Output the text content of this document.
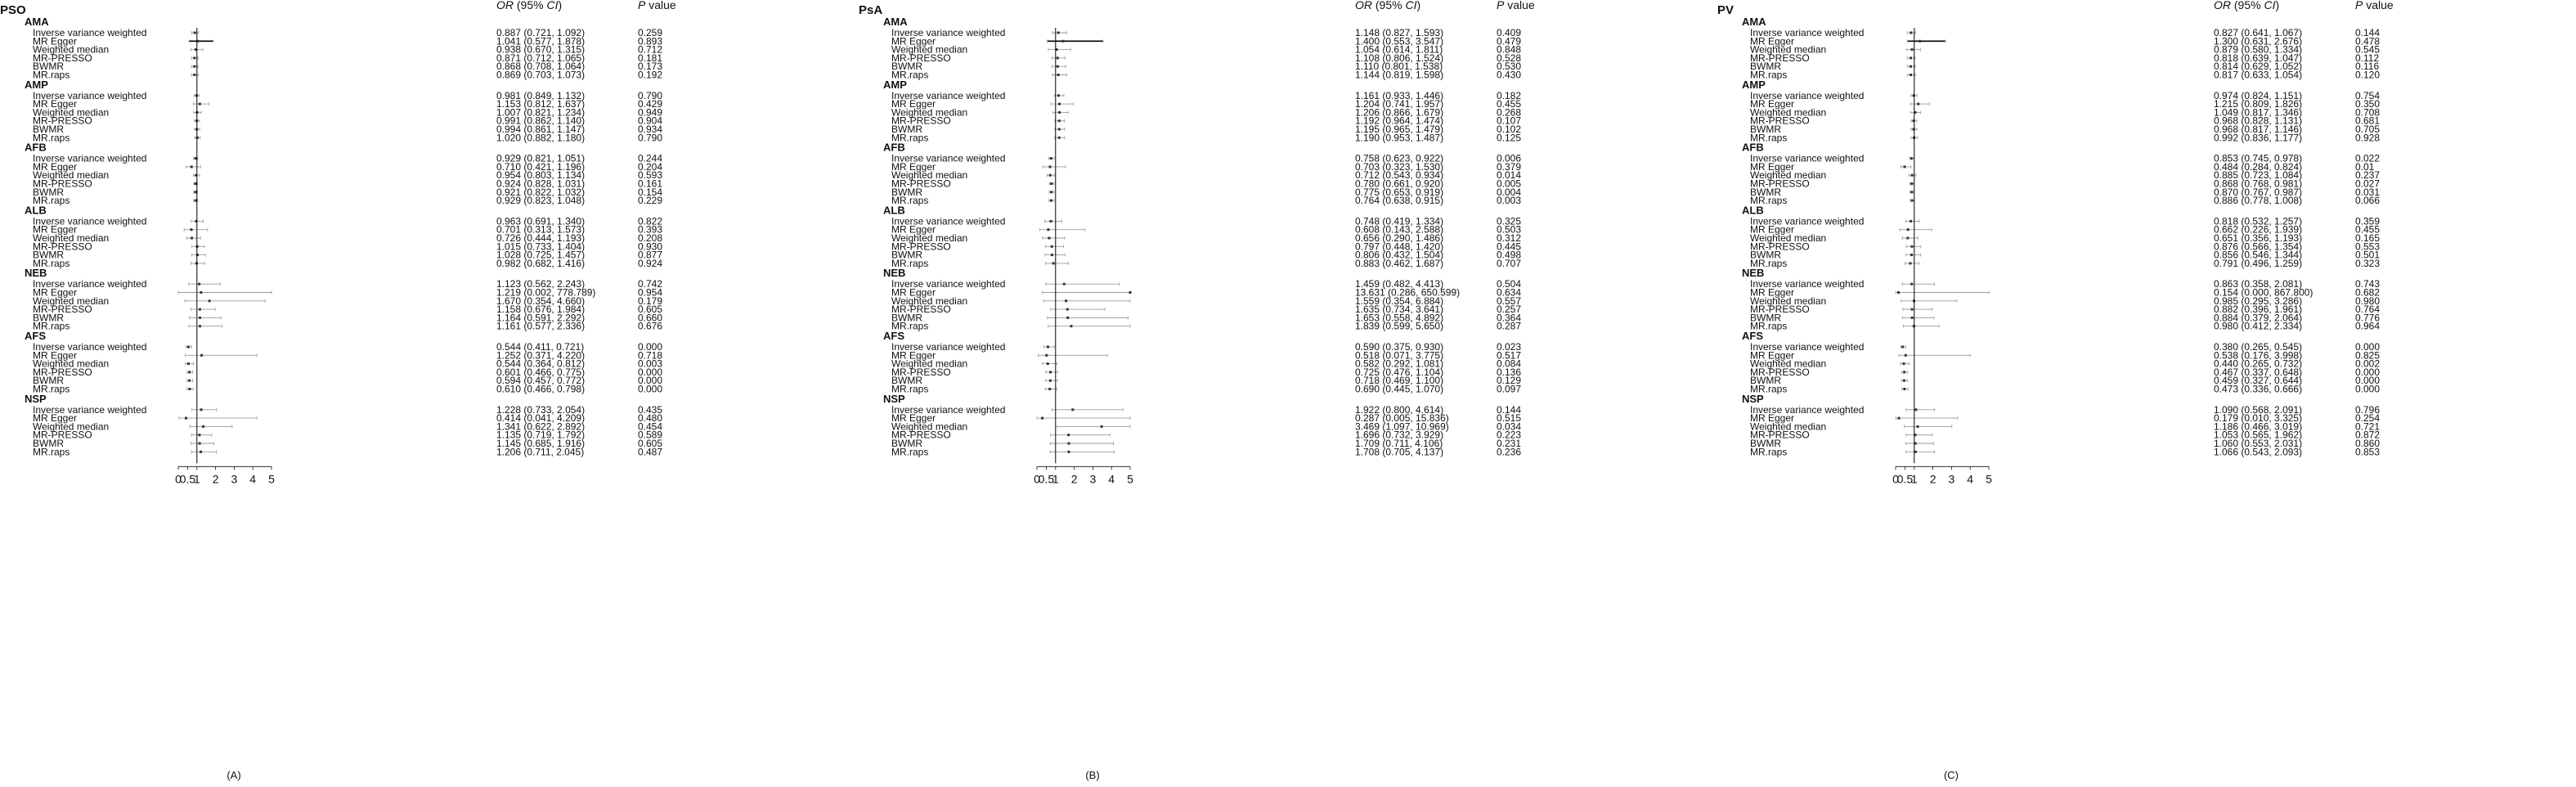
PSO	OR (95% CI)	P value
AMA
Inverse variance weighted	0.887 (0.721, 1.092)	0.259
MR Egger	1.041 (0.577, 1.878)	0.893
Weighted median	0.938 (0.670, 1.315)	0.712
MR-PRESSO	0.871 (0.712, 1.065)	0.181
BWMR	0.868 (0.708, 1.064)	0.173
MR.raps	0.869 (0.703, 1.073)	0.192
AMP
Inverse variance weighted	0.981 (0.849, 1.132)	0.790
MR Egger	1.153 (0.812, 1.637)	0.429
Weighted median	1.007 (0.821, 1.234)	0.949
MR-PRESSO	0.991 (0.862, 1.140)	0.904
BWMR	0.994 (0.861, 1.147)	0.934
MR.raps	1.020 (0.882, 1.180)	0.790
AFB
Inverse variance weighted	0.929 (0.821, 1.051)	0.244
MR Egger	0.710 (0.421, 1.196)	0.204
Weighted median	0.954 (0.803, 1.134)	0.593
MR-PRESSO	0.924 (0.828, 1.031)	0.161
BWMR	0.921 (0.822, 1.032)	0.154
MR.raps	0.929 (0.823, 1.048)	0.229
ALB
Inverse variance weighted	0.963 (0.691, 1.340)	0.822
MR Egger	0.701 (0.313, 1.573)	0.393
Weighted median	0.726 (0.444, 1.193)	0.208
MR-PRESSO	1.015 (0.733, 1.404)	0.930
BWMR	1.028 (0.725, 1.457)	0.877
MR.raps	0.982 (0.682, 1.416)	0.924
NEB
Inverse variance weighted	1.123 (0.562, 2.243)	0.742
MR Egger	1.219 (0.002, 778.789)	0.954
Weighted median	1.670 (0.354, 4.660)	0.179
MR-PRESSO	1.158 (0.676, 1.984)	0.605
BWMR	1.164 (0.591, 2.292)	0.660
MR.raps	1.161 (0.577, 2.336)	0.676
AFS
Inverse variance weighted	0.544 (0.411, 0.721)	0.000
MR Egger	1.252 (0.371, 4.220)	0.718
Weighted median	0.544 (0.364, 0.812)	0.003
MR-PRESSO	0.601 (0.466, 0.775)	0.000
BWMR	0.594 (0.457, 0.772)	0.000
MR.raps	0.610 (0.466, 0.798)	0.000
NSP
Inverse variance weighted	1.228 (0.733, 2.054)	0.435
MR Egger	0.414 (0.041, 4.209)	0.480
Weighted median	1.341 (0.622, 2.892)	0.454
MR-PRESSO	1.135 (0.719, 1.792)	0.589
BWMR	1.145 (0.685, 1.916)	0.605
MR.raps	1.206 (0.711, 2.045)	0.487
0
0.5
1 2 3 4 5
(A)
PsA	OR (95% CI)	P value
AMA
Inverse variance weighted	1.148 (0.827, 1.593)	0.409
MR Egger	1.400 (0.553, 3.547)	0.479
Weighted median	1.054 (0.614, 1.811)	0.848
MR-PRESSO	1.108 (0.806, 1.524)	0.528
BWMR	1.110 (0.801, 1.538)	0.530
MR.raps	1.144 (0.819, 1.598)	0.430
AMP
Inverse variance weighted	1.161 (0.933, 1.446)	0.182
MR Egger	1.204 (0.741, 1.957)	0.455
Weighted median	1.206 (0.866, 1.679)	0.268
MR-PRESSO	1.192 (0.964, 1.474)	0.107
BWMR	1.195 (0.965, 1.479)	0.102
MR.raps	1.190 (0.953, 1.487)	0.125
AFB
Inverse variance weighted	0.758 (0.623, 0.922)	0.006
MR Egger	0.703 (0.323, 1.530)	0.379
Weighted median	0.712 (0.543, 0.934)	0.014
MR-PRESSO	0.780 (0.661, 0.920)	0.005
BWMR	0.775 (0.653, 0.919)	0.004
MR.raps	0.764 (0.638, 0.915)	0.003
ALB
Inverse variance weighted	0.748 (0.419, 1.334)	0.325
MR Egger	0.608 (0.143, 2.588)	0.503
Weighted median	0.656 (0.290, 1.486)	0.312
MR-PRESSO	0.797 (0.448, 1.420)	0.445
BWMR	0.806 (0.432, 1.504)	0.498
MR.raps	0.883 (0.462, 1.687)	0.707
NEB
Inverse variance weighted	1.459 (0.482, 4.413)	0.504
MR Egger	13.631 (0.286, 650.599)	0.634
Weighted median	1.559 (0.354, 6.884)	0.557
MR-PRESSO	1.635 (0.734, 3.641)	0.257
BWMR	1.653 (0.558, 4.892)	0.364
MR.raps	1.839 (0.599, 5.650)	0.287
AFS
Inverse variance weighted	0.590 (0.375, 0.930)	0.023
MR Egger	0.518 (0.071, 3.775)	0.517
Weighted median	0.582 (0.292, 1.081)	0.084
MR-PRESSO	0.725 (0.476, 1.104)	0.136
BWMR	0.718 (0.469, 1.100)	0.129
MR.raps	0.690 (0.445, 1.070)	0.097
NSP
Inverse variance weighted	1.922 (0.800, 4.614)	0.144
MR Egger	0.287 (0.005, 15.836)	0.515
Weighted median	3.469 (1.097, 10.969)	0.034
MR-PRESSO	1.696 (0.732, 3.929)	0.223
BWMR	1.709 (0.711, 4.106)	0.231
MR.raps	1.708 (0.705, 4.137)	0.236
0
0.5
1 2 3 4 5
(B)
PV	OR (95% CI)	P value
AMA
Inverse variance weighted	0.827 (0.641, 1.067)	0.144
MR Egger	1.300 (0.631, 2.676)	0.478
Weighted median	0.879 (0.580, 1.334)	0.545
MR-PRESSO	0.818 (0.639, 1.047)	0.112
BWMR	0.814 (0.629, 1.052)	0.116
MR.raps	0.817 (0.633, 1.054)	0.120
AMP
Inverse variance weighted	0.974 (0.824, 1.151)	0.754
MR Egger	1.215 (0.809, 1.826)	0.350
Weighted median	1.049 (0.817, 1.346)	0.708
MR-PRESSO	0.968 (0.828, 1.131)	0.681
BWMR	0.968 (0.817, 1.146)	0.705
MR.raps	0.992 (0.836, 1.177)	0.928
AFB
Inverse variance weighted	0.853 (0.745, 0.978)	0.022
MR Egger	0.484 (0.284, 0.824)	0.01
Weighted median	0.885 (0.723, 1.084)	0.237
MR-PRESSO	0.868 (0.768, 0.981)	0.027
BWMR	0.870 (0.767, 0.987)	0.031
MR.raps	0.886 (0.778, 1.008)	0.066
ALB
Inverse variance weighted	0.818 (0.532, 1.257)	0.359
MR Egger	0.662 (0.226, 1.939)	0.455
Weighted median	0.651 (0.356, 1.193)	0.165
MR-PRESSO	0.876 (0.566, 1.354)	0.553
BWMR	0.856 (0.546, 1.344)	0.501
MR.raps	0.791 (0.496, 1.259)	0.323
NEB
Inverse variance weighted	0.863 (0.358, 2.081)	0.743
MR Egger	0.154 (0.000, 867.800)	0.682
Weighted median	0.985 (0.295, 3.286)	0.980
MR-PRESSO	0.882 (0.396, 1.961)	0.764
BWMR	0.884 (0.379, 2.064)	0.776
MR.raps	0.980 (0.412, 2.334)	0.964
AFS
Inverse variance weighted	0.380 (0.265, 0.545)	0.000
MR Egger	0.538 (0.176, 3.998)	0.825
Weighted median	0.440 (0.265, 0.732)	0.002
MR-PRESSO	0.467 (0.337, 0.648)	0.000
BWMR	0.459 (0.327, 0.644)	0.000
MR.raps	0.473 (0.336, 0.666)	0.000
NSP
Inverse variance weighted	1.090 (0.568, 2.091)	0.796
MR Egger	0.179 (0.010, 3.325)	0.254
Weighted median	1.186 (0.466, 3.019)	0.721
MR-PRESSO	1.053 (0.565, 1.962)	0.872
BWMR	1.060 (0.553, 2.031)	0.860
MR.raps	1.066 (0.543, 2.093)	0.853
0
0.5
1 2 3 4 5
(C)
